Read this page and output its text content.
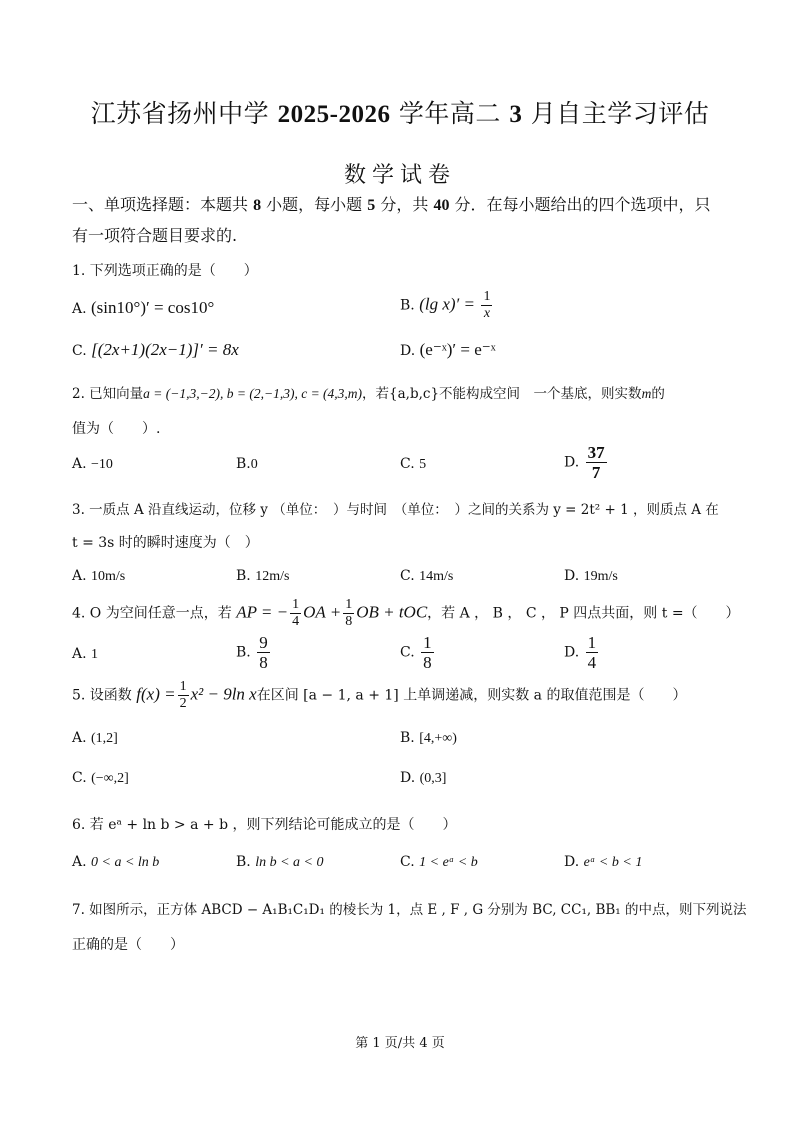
江苏省扬州中学 2025-2026 学年高二 3 月自主学习评估
数学试卷
一、单项选择题：本题共 8 小题，每小题 5 分，共 40 分．在每小题给出的四个选项中，只
有一项符合题目要求的.
1. 下列选项正确的是（　　）
A. (sin10°)′ = cos10°	B. (lg $x)' = \frac{1}{x}$
C. [(2x+1)(2x−1)]′ = 8x	D. (e⁻ˣ)′ = e⁻ˣ
2. 已知向量a = (−1,3,−2), b = (2,−1,3), c = (4,3,m)，若{a,b,c}不能构成空间　一个基底，则实数m的
值为（　　）.
A. −10	B.0	C. 5	D. $\frac{37}{7}$
3. 一质点 A 沿直线运动，位移 y （单位：　）与时间　（单位：　）之间的关系为 y = 2t² + 1 ，则质点 A 在
t = 3s 时的瞬时速度为（　）
A. 10m/s	B. 12m/s	C. 14m/s	D. 19m/s
4. O 为空间任意一点，若 AP = − $\frac{1}{4}$ OA + $\frac{1}{8}$ OB + tOC，若 A ， B ， C ， P 四点共面，则 t =（　　）
A. 1	B. $\frac{9}{8}$	C. $\frac{1}{8}$	D. $\frac{1}{4}$
5. 设函数 $f(x) = \frac{1}{2} x^2 - 9\ln$ x在区间 [a − 1, a + 1] 上单调递减，则实数 a 的取值范围是（　　）
A. (1,2]	B. [4,+∞)
C. (−∞,2]	D. (0,3]
6. 若 eᵃ + ln b > a + b ，则下列结论可能成立的是（　　）
A. 0 < a < ln b	B. ln b < a < 0	C. 1 < eᵃ < b	D. eᵃ < b < 1
7. 如图所示，正方体 ABCD − A₁B₁C₁D₁ 的棱长为 1，点 E , F , G 分别为 BC, CC₁, BB₁ 的中点，则下列说法
正确的是（　　）
第 1 页/共 4 页
